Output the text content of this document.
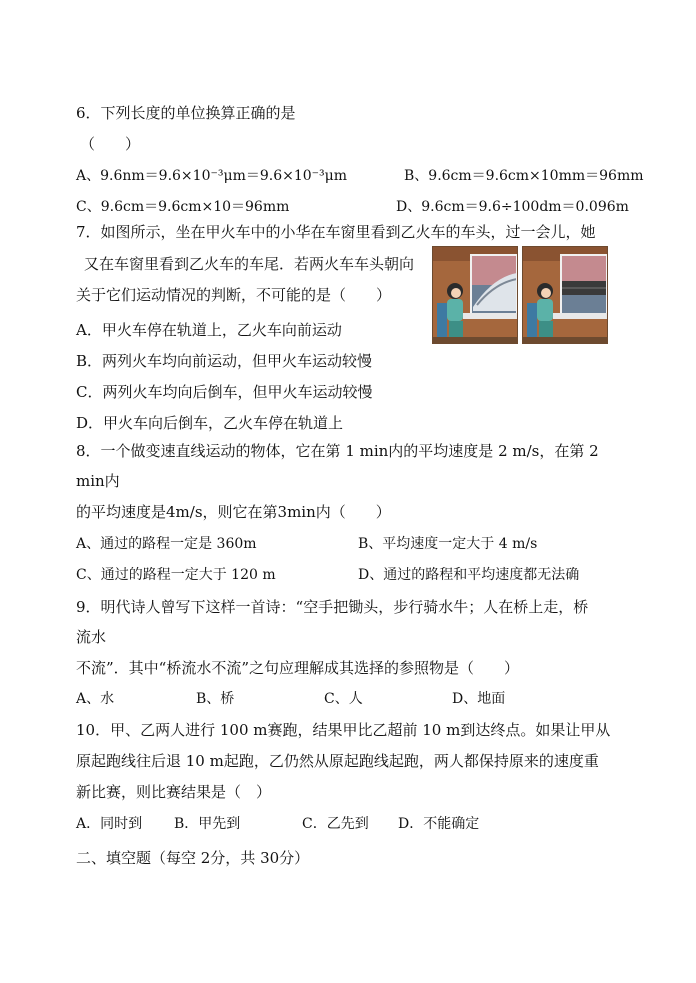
6．下列长度的单位换算正确的是
（　　）
A、9.6nm＝9.6×10⁻³μm＝9.6×10⁻³μm	B、9.6cm＝9.6cm×10mm＝96mm
C、9.6cm＝9.6cm×10＝96mm	D、9.6cm＝9.6÷100dm＝0.096m
7．如图所示，坐在甲火车中的小华在车窗里看到乙火车的车头，过一会儿，她
又在车窗里看到乙火车的车尾．若两火车车头朝向
关于它们运动情况的判断，不可能的是（　　）
A．甲火车停在轨道上，乙火车向前运动
B．两列火车均向前运动，但甲火车运动较慢
C．两列火车均向后倒车，但甲火车运动较慢
D．甲火车向后倒车，乙火车停在轨道上
8．一个做变速直线运动的物体，它在第 1 min内的平均速度是 2 m/s，在第 2
min内
的平均速度是4m/s，则它在第3min内（　　）
A、通过的路程一定是 360m	B、平均速度一定大于 4 m/s
C、通过的路程一定大于 120 m	D、通过的路程和平均速度都无法确
9．明代诗人曾写下这样一首诗：“空手把锄头，步行骑水牛；人在桥上走，桥
流水
不流”．其中“桥流水不流”之句应理解成其选择的参照物是（　　）
A、水	B、桥	C、人	D、地面
10．甲、乙两人进行 100 m赛跑，结果甲比乙超前 10 m到达终点。如果让甲从
原起跑线往后退 10 m起跑，乙仍然从原起跑线起跑，两人都保持原来的速度重
新比赛，则比赛结果是（　）
A．同时到 B．甲先到	C．乙先到 D．不能确定
二、填空题（每空 2分，共 30分）
